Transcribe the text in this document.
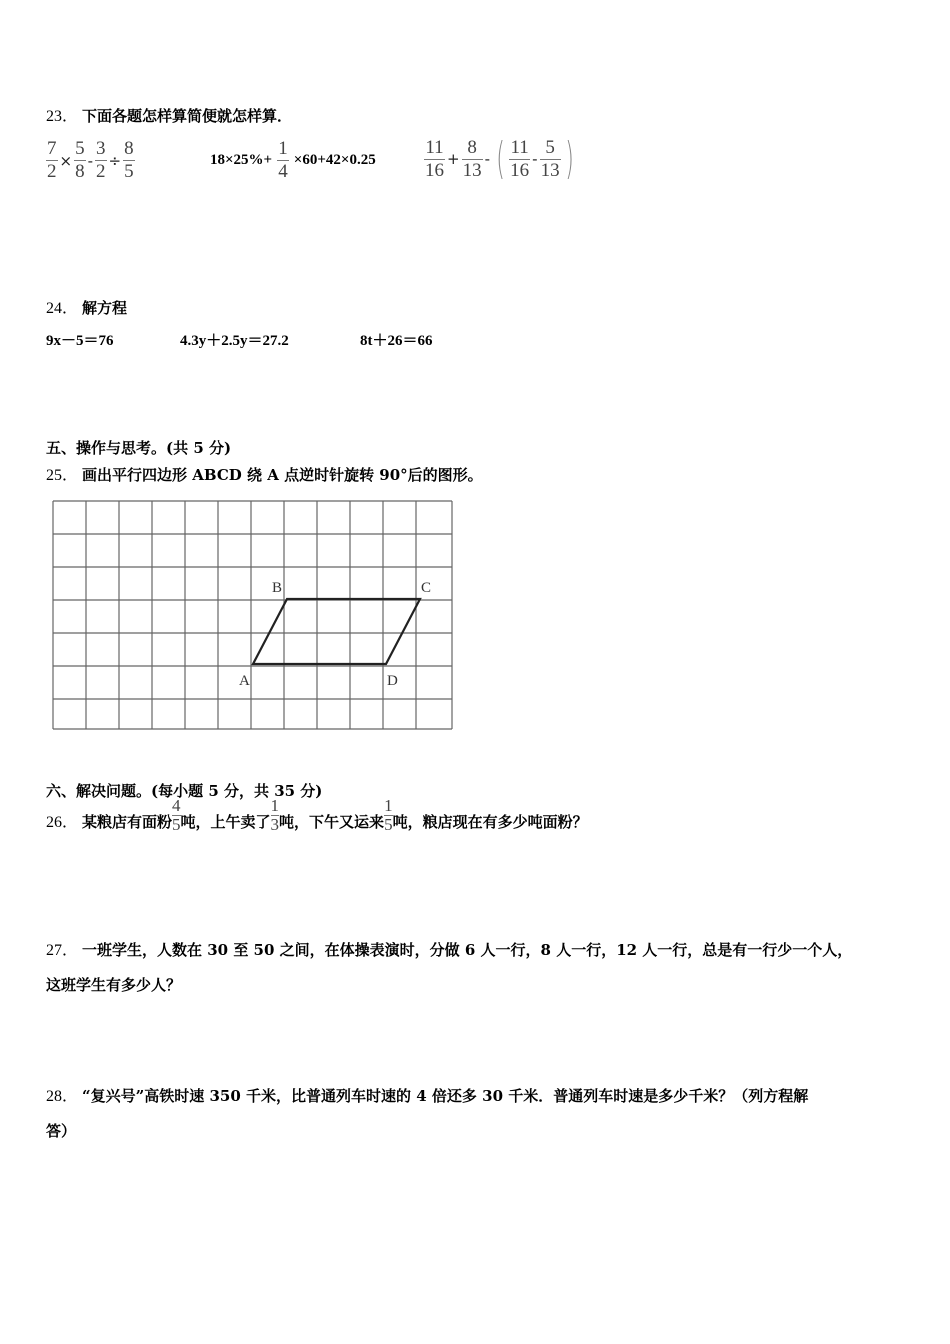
23． 下面各题怎样算简便就怎样算．
$\frac{7}{2} \times \frac{5}{8} - \frac{3}{2} \div \frac{8}{5}$	$18\times 25\%+ \frac{1}{4} \times 60+42\times 0.25$	$\frac{11}{16} + \frac{8}{13}$ - ( $\frac{11}{16} - \frac{5}{13}$ )
24． 解方程
9x－5＝76	4.3y＋2.5y＝27.2	8t＋26＝66
五、操作与思考。(共 5 分)
25． 画出平行四边形 ABCD 绕 A 点逆时针旋转 90°后的图形。
B	C
A	D
六、解决问题。(每小题 5 分，共 35 分)
26． 某粮店有面粉 $\frac{4}{5}$ 吨，上午卖了 $\frac{1}{3}$ 吨，下午又运来 $\frac{1}{5}$ 吨，粮店现在有多少吨面粉？
27． 一班学生，人数在 30 至 50 之间，在体操表演时，分做 6 人一行，8 人一行，12 人一行，总是有一行少一个人，
这班学生有多少人？
28． “复兴号”高铁时速 350 千米，比普通列车时速的 4 倍还多 30 千米．普通列车时速是多少千米？（列方程解
答）
